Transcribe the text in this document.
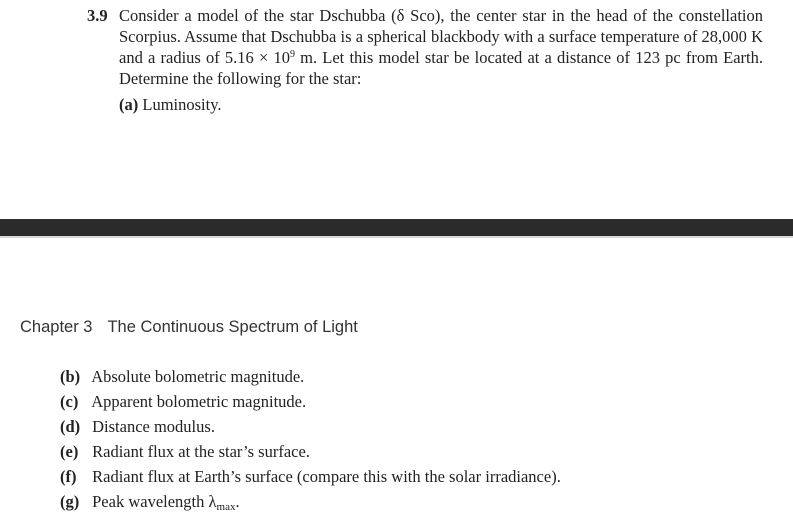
3.9 Consider a model of the star Dschubba (δ Sco), the center star in the head of the constellation
Scorpius. Assume that Dschubba is a spherical blackbody with a surface temperature of 28,000 K
and a radius of $5.16 \times 10^9$ m. Let this model star be located at a distance of 123 pc from Earth.
Determine the following for the star:
(a) Luminosity.
Chapter 3 The Continuous Spectrum of Light
(b) Absolute bolometric magnitude.
(c) Apparent bolometric magnitude.
(d) Distance modulus.
(e) Radiant flux at the star’s surface.
(f) Radiant flux at Earth’s surface (compare this with the solar irradiance).
(g) Peak wavelength $\lambda_{max}$.
